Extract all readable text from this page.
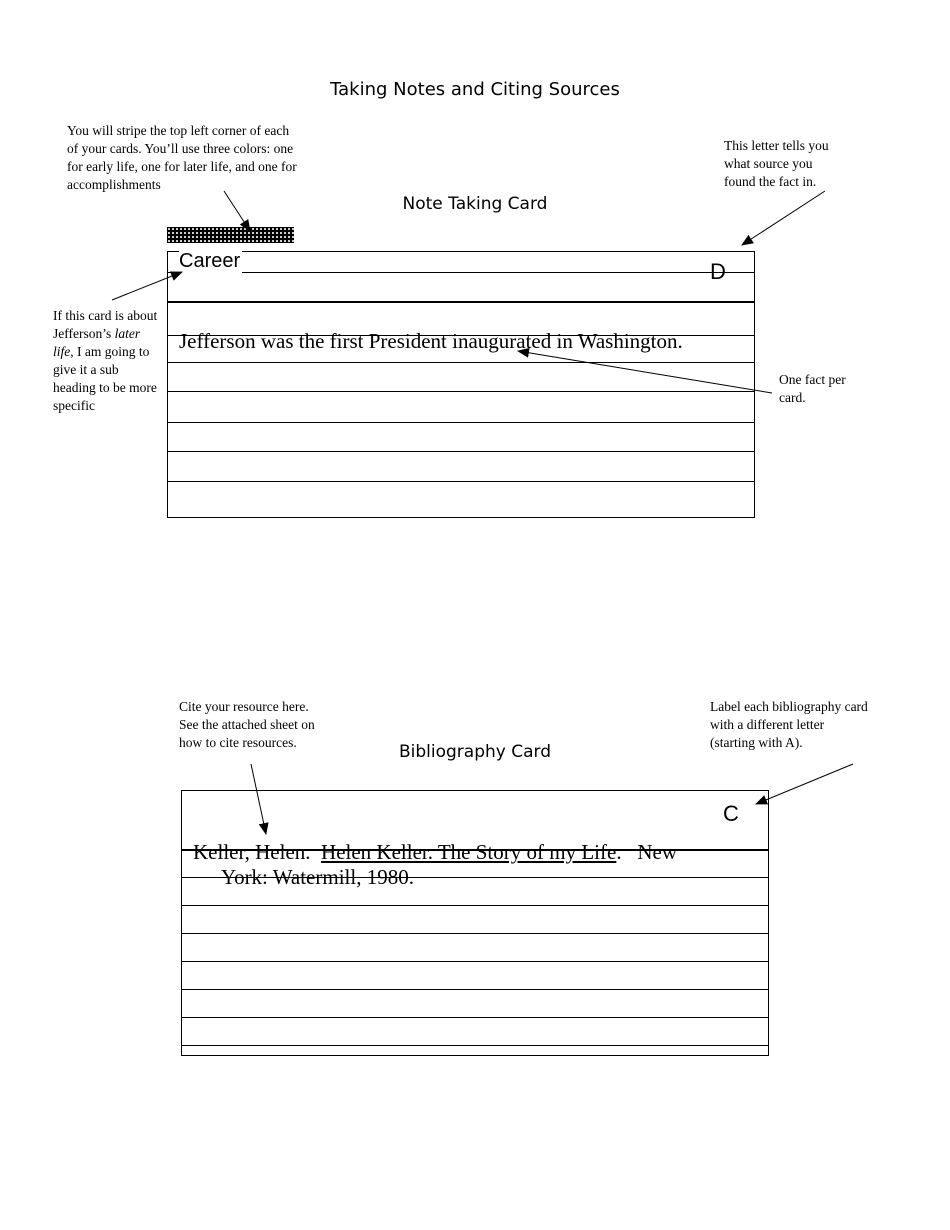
Taking Notes and Citing Sources
Note Taking Card
You will stripe the top left corner of each of your cards. You’ll use three colors: one for early life, one for later life, and one for accomplishments
This letter tells you what source you found the fact in.
If this card is about Jefferson’s later life, I am going to give it a sub heading to be more specific
One fact per card.
Career	D
Jefferson was the first President inaugurated in Washington.
Bibliography Card
Cite your resource here. See the attached sheet on how to cite resources.
Label each bibliography card with a different letter (starting with A).
C
Keller, Helen. Helen Keller. The Story of my Life. New
York: Watermill, 1980.
